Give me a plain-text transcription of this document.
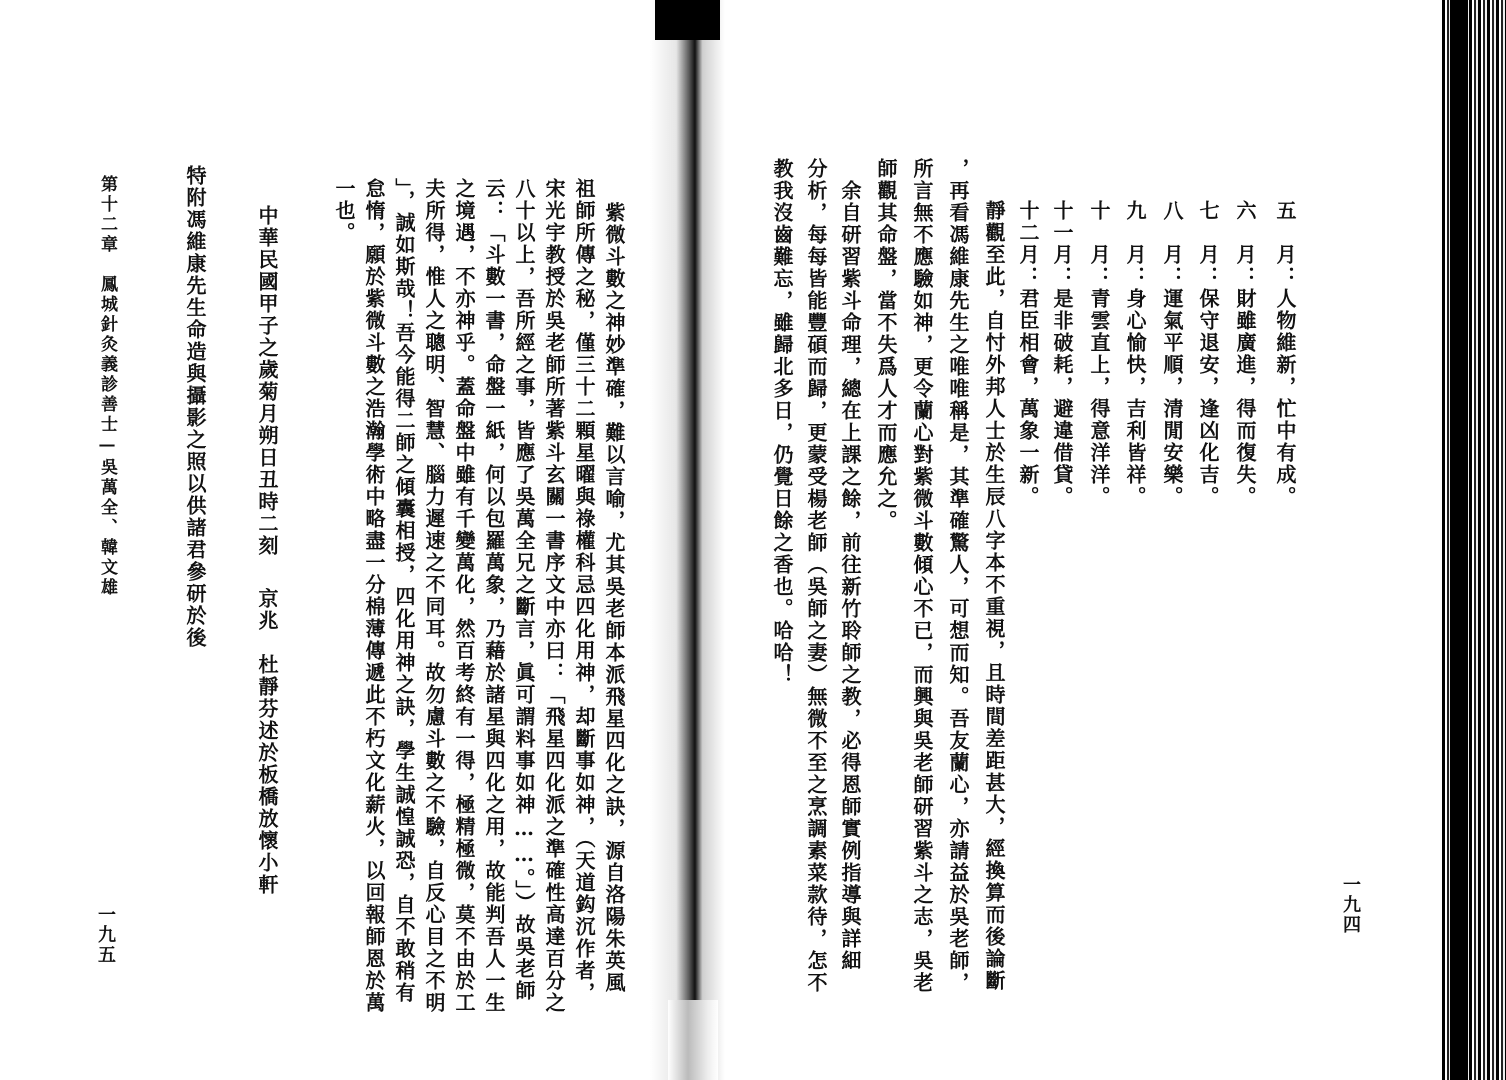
一也。 怠惰，願於紫微斗數之浩瀚學術中略盡一分棉薄傳遞此不朽文化薪火，以回報師恩於萬 」，誠如斯哉！吾今能得二師之傾囊相授，四化用神之訣，學生誠惶誠恐，自不敢稍有 夫所得，惟人之聰明、智慧、腦力遲速之不同耳。故勿慮斗數之不驗，自反心目之不明 之境遇，不亦神乎。蓋命盤中雖有千變萬化，然百考終有一得，極精極微，莫不由於工 云：「斗數一書，命盤一紙，何以包羅萬象，乃藉於諸星與四化之用，故能判吾人一生 八十以上，吾所經之事，皆應了吳萬全兄之斷言，眞可謂料事如神……。」）故吳老師 宋光宇教授於吳老師所著紫斗玄關一書序文中亦曰：「飛星四化派之準確性高達百分之 祖師所傳之秘，僅三十二顆星曜與祿權科忌四化用神，却斷事如神，（天道鈎沉作者， 紫微斗數之神妙準確，難以言喻，尤其吳老師本派飛星四化之訣，源自洛陽朱英風
中華民國甲子之歲菊月朔日丑時二刻
京兆　杜靜芬述於板橋放懷小軒
特附馮維康先生命造與攝影之照以供諸君參研於後
第十二章　鳳城針灸義診善士—吳萬全、韓文雄
一九五
五　月：人物維新，忙中有成。
六　月：財雖廣進，得而復失。
七　月：保守退安，逢凶化吉。
八　月：運氣平順，清閒安樂。
九　月：身心愉快，吉利皆祥。
十　月：青雲直上，得意洋洋。
十一月：是非破耗，避違借貸。
十二月：君臣相會，萬象一新。
靜觀至此，自忖外邦人士於生辰八字本不重視，且時間差距甚大，經換算而後論斷
，再看馮維康先生之唯唯稱是，其準確驚人，可想而知。吾友蘭心，亦請益於吳老師，
所言無不應驗如神，更令蘭心對紫微斗數傾心不已，而興與吳老師研習紫斗之志，吳老
師觀其命盤，當不失爲人才而應允之。
余自研習紫斗命理，總在上課之餘，前往新竹聆師之教，必得恩師實例指導與詳細
分析，每每皆能豐碩而歸，更蒙受楊老師（吳師之妻）無微不至之烹調素菜款待，怎不
教我沒齒難忘，雖歸北多日，仍覺日餘之香也。哈哈！
一九四
